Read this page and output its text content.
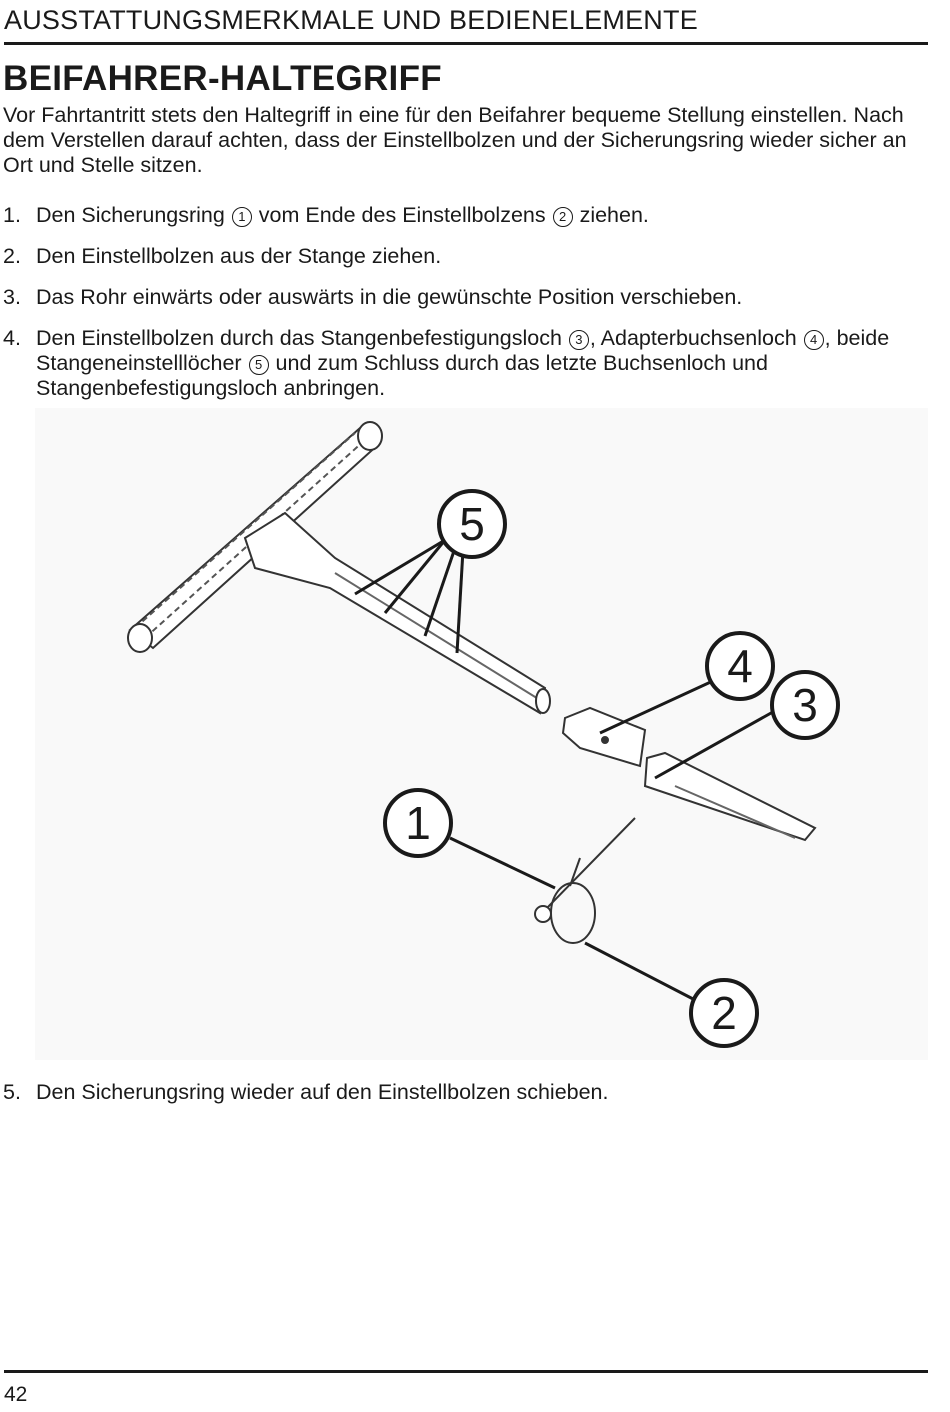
AUSSTATTUNGSMERKMALE UND BEDIENELEMENTE
BEIFAHRER-HALTEGRIFF

Vor Fahrtantritt stets den Haltegriff in eine für den Beifahrer bequeme Stellung einstellen. Nach dem Verstellen darauf achten, dass der Einstellbolzen und der Sicherungsring wieder sicher an Ort und Stelle sitzen.

1. Den Sicherungsring 1 vom Ende des Einstellbolzens 2 ziehen.
2. Den Einstellbolzen aus der Stange ziehen.
3. Das Rohr einwärts oder auswärts in die gewünschte Position verschieben.
4. Den Einstellbolzen durch das Stangenbefestigungsloch 3 , Adapterbuchsenloch 4 , beide Stangeneinstelllöcher 5 und zum Schluss durch das letzte Buchsenloch und Stangenbefestigungsloch anbringen.
5
4
3
1
2
5. Den Sicherungsring wieder auf den Einstellbolzen schieben.
42
